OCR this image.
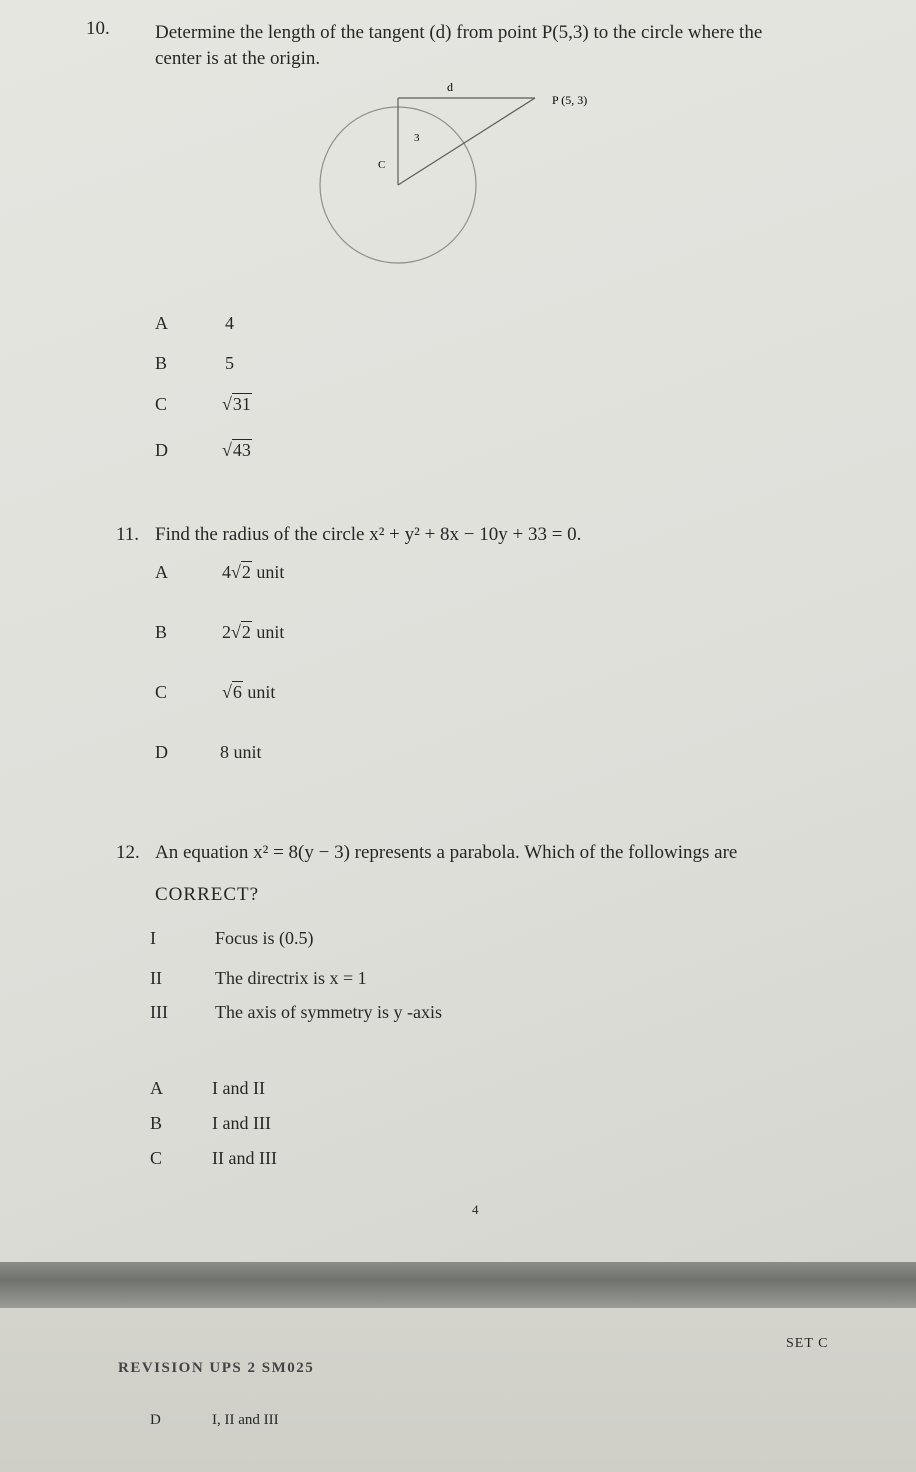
10. Determine the length of the tangent (d) from point P(5,3) to the circle where the
center is at the origin.
d
P (5, 3)
3
C
A	4
B	5
C	√31
D	√43
11. Find the radius of the circle x² + y² + 8x − 10y + 33 = 0.
A	4√2 unit
B	2√2 unit
C	√6 unit
D	8 unit
12. An equation x² = 8(y − 3) represents a parabola. Which of the followings are
CORRECT?
I	Focus is (0.5)
II	The directrix is x = 1
III	The axis of symmetry is y -axis
A	I and II
B	I and III
C	II and III
4
SET C
REVISION UPS 2 SM025
D	I, II and III
